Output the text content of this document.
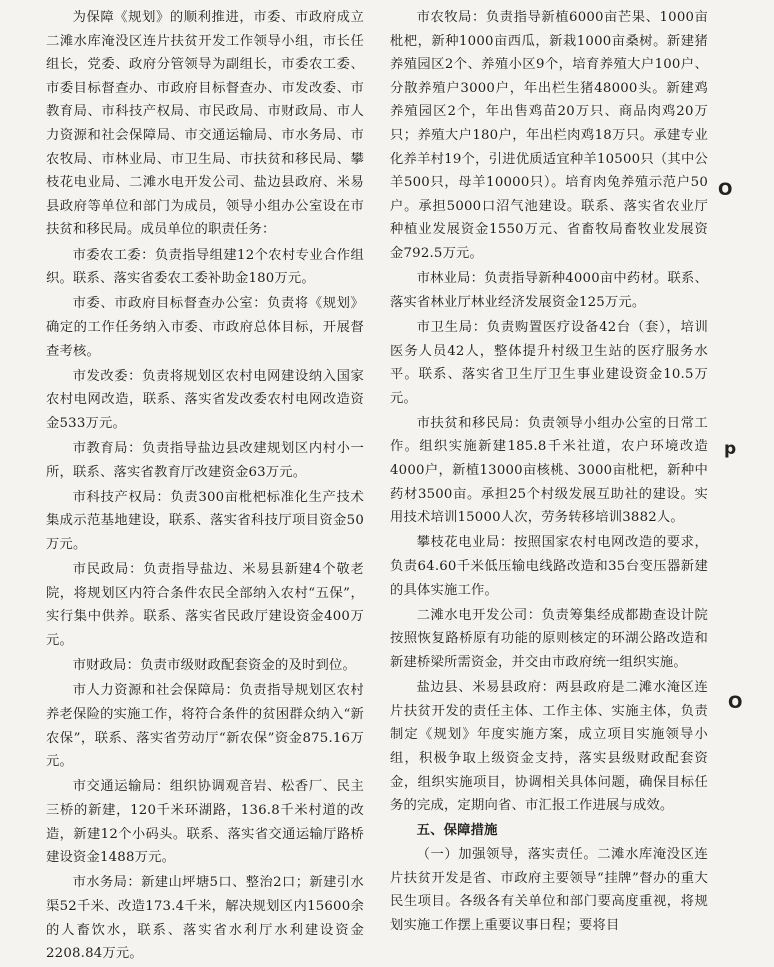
为保障《规划》的顺利推进，市委、市政府成立二滩水库淹没区连片扶贫开发工作领导小组，市长任组长，党委、政府分管领导为副组长，市委农工委、市委目标督查办、市政府目标督查办、市发改委、市教育局、市科技产权局、市民政局、市财政局、市人力资源和社会保障局、市交通运输局、市水务局、市农牧局、市林业局、市卫生局、市扶贫和移民局、攀枝花电业局、二滩水电开发公司、盐边县政府、米易县政府等单位和部门为成员，领导小组办公室设在市扶贫和移民局。成员单位的职责任务：

市委农工委：负责指导组建12个农村专业合作组织。联系、落实省委农工委补助金180万元。

市委、市政府目标督查办公室：负责将《规划》确定的工作任务纳入市委、市政府总体目标，开展督查考核。

市发改委：负责将规划区农村电网建设纳入国家农村电网改造，联系、落实省发改委农村电网改造资金533万元。

市教育局：负责指导盐边县改建规划区内村小一所，联系、落实省教育厅改建资金63万元。

市科技产权局：负责300亩枇杷标准化生产技术集成示范基地建设，联系、落实省科技厅项目资金50万元。

市民政局：负责指导盐边、米易县新建4个敬老院，将规划区内符合条件农民全部纳入农村“五保”，实行集中供养。联系、落实省民政厅建设资金400万元。

市财政局：负责市级财政配套资金的及时到位。

市人力资源和社会保障局：负责指导规划区农村养老保险的实施工作，将符合条件的贫困群众纳入“新农保”，联系、落实省劳动厅“新农保”资金875.16万元。

市交通运输局：组织协调观音岩、松香厂、民主三桥的新建，120千米环湖路，136.8千米村道的改造，新建12个小码头。联系、落实省交通运输厅路桥建设资金1488万元。

市水务局：新建山坪塘5口、整治2口；新建引水渠52千米、改造173.4千米，解决规划区内15600余的人畜饮水，联系、落实省水利厅水利建设资金2208.84万元。

市农牧局：负责指导新植6000亩芒果、1000亩枇杷，新种1000亩西瓜，新栽1000亩桑树。新建猪养殖园区2个、养殖小区9个，培育养殖大户100户、分散养殖户3000户，年出栏生猪48000头。新建鸡养殖园区2个，年出售鸡苗20万只、商品肉鸡20万只；养殖大户180户，年出栏肉鸡18万只。承建专业化养羊村19个，引进优质适宜种羊10500只（其中公羊500只，母羊10000只）。培育肉兔养殖示范户50户。承担5000口沼气池建设。联系、落实省农业厅种植业发展资金1550万元、省畜牧局畜牧业发展资金792.5万元。

市林业局：负责指导新种4000亩中药材。联系、落实省林业厅林业经济发展资金125万元。

市卫生局：负责购置医疗设备42台（套），培训医务人员42人，整体提升村级卫生站的医疗服务水平。联系、落实省卫生厅卫生事业建设资金10.5万元。

市扶贫和移民局：负责领导小组办公室的日常工作。组织实施新建185.8千米社道，农户环境改造4000户，新植13000亩核桃、3000亩枇杷，新种中药材3500亩。承担25个村级发展互助社的建设。实用技术培训15000人次，劳务转移培训3882人。

攀枝花电业局：按照国家农村电网改造的要求，负责64.60千米低压输电线路改造和35台变压器新建的具体实施工作。

二滩水电开发公司：负责筹集经成都勘查设计院按照恢复路桥原有功能的原则核定的环湖公路改造和新建桥梁所需资金，并交由市政府统一组织实施。

盐边县、米易县政府：两县政府是二滩水淹区连片扶贫开发的责任主体、工作主体、实施主体，负责制定《规划》年度实施方案，成立项目实施领导小组，积极争取上级资金支持，落实县级财政配套资金，组织实施项目，协调相关具体问题，确保目标任务的完成，定期向省、市汇报工作进展与成效。

五、保障措施

（一）加强领导，落实责任。二滩水库淹没区连片扶贫开发是省、市政府主要领导“挂牌”督办的重大民生项目。各级各有关单位和部门要高度重视，将规划实施工作摆上重要议事日程；要将目

O
p
O
